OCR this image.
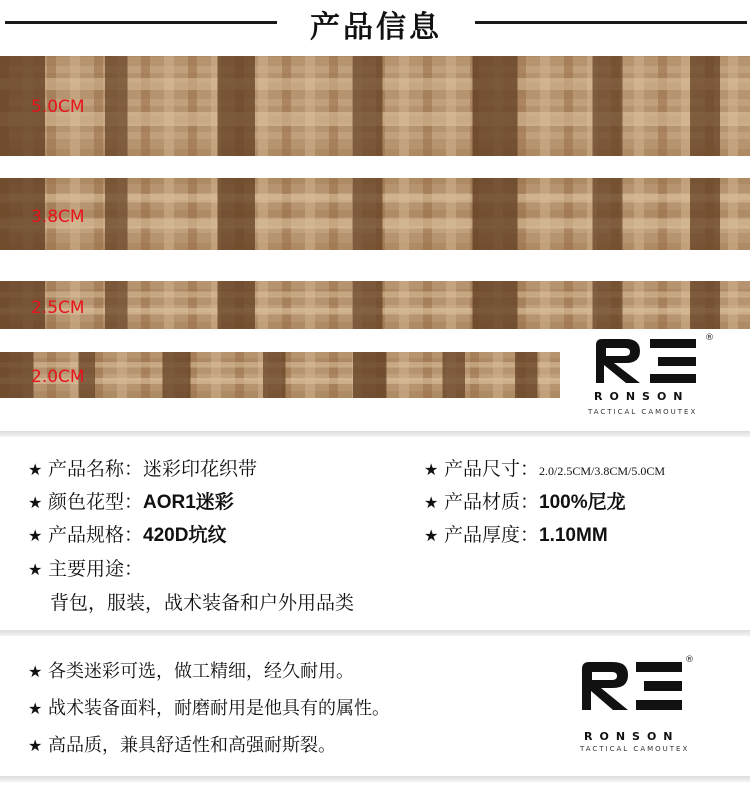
产品信息
5.0CM
3.8CM
2.5CM
2.0CM
®
RONSON
TACTICAL CAMOUTEX
★ 产品名称：迷彩印花织带
★ 颜色花型：AOR1迷彩
★ 产品规格：420D坑纹
★ 主要用途：
背包，服装，战术装备和户外用品类
★ 产品尺寸：2.0/2.5CM/3.8CM/5.0CM
★ 产品材质：100%尼龙
★ 产品厚度：1.10MM
★ 各类迷彩可选，做工精细，经久耐用。
★ 战术装备面料，耐磨耐用是他具有的属性。
★ 高品质，兼具舒适性和高强耐斯裂。
®
RONSON
TACTICAL CAMOUTEX
